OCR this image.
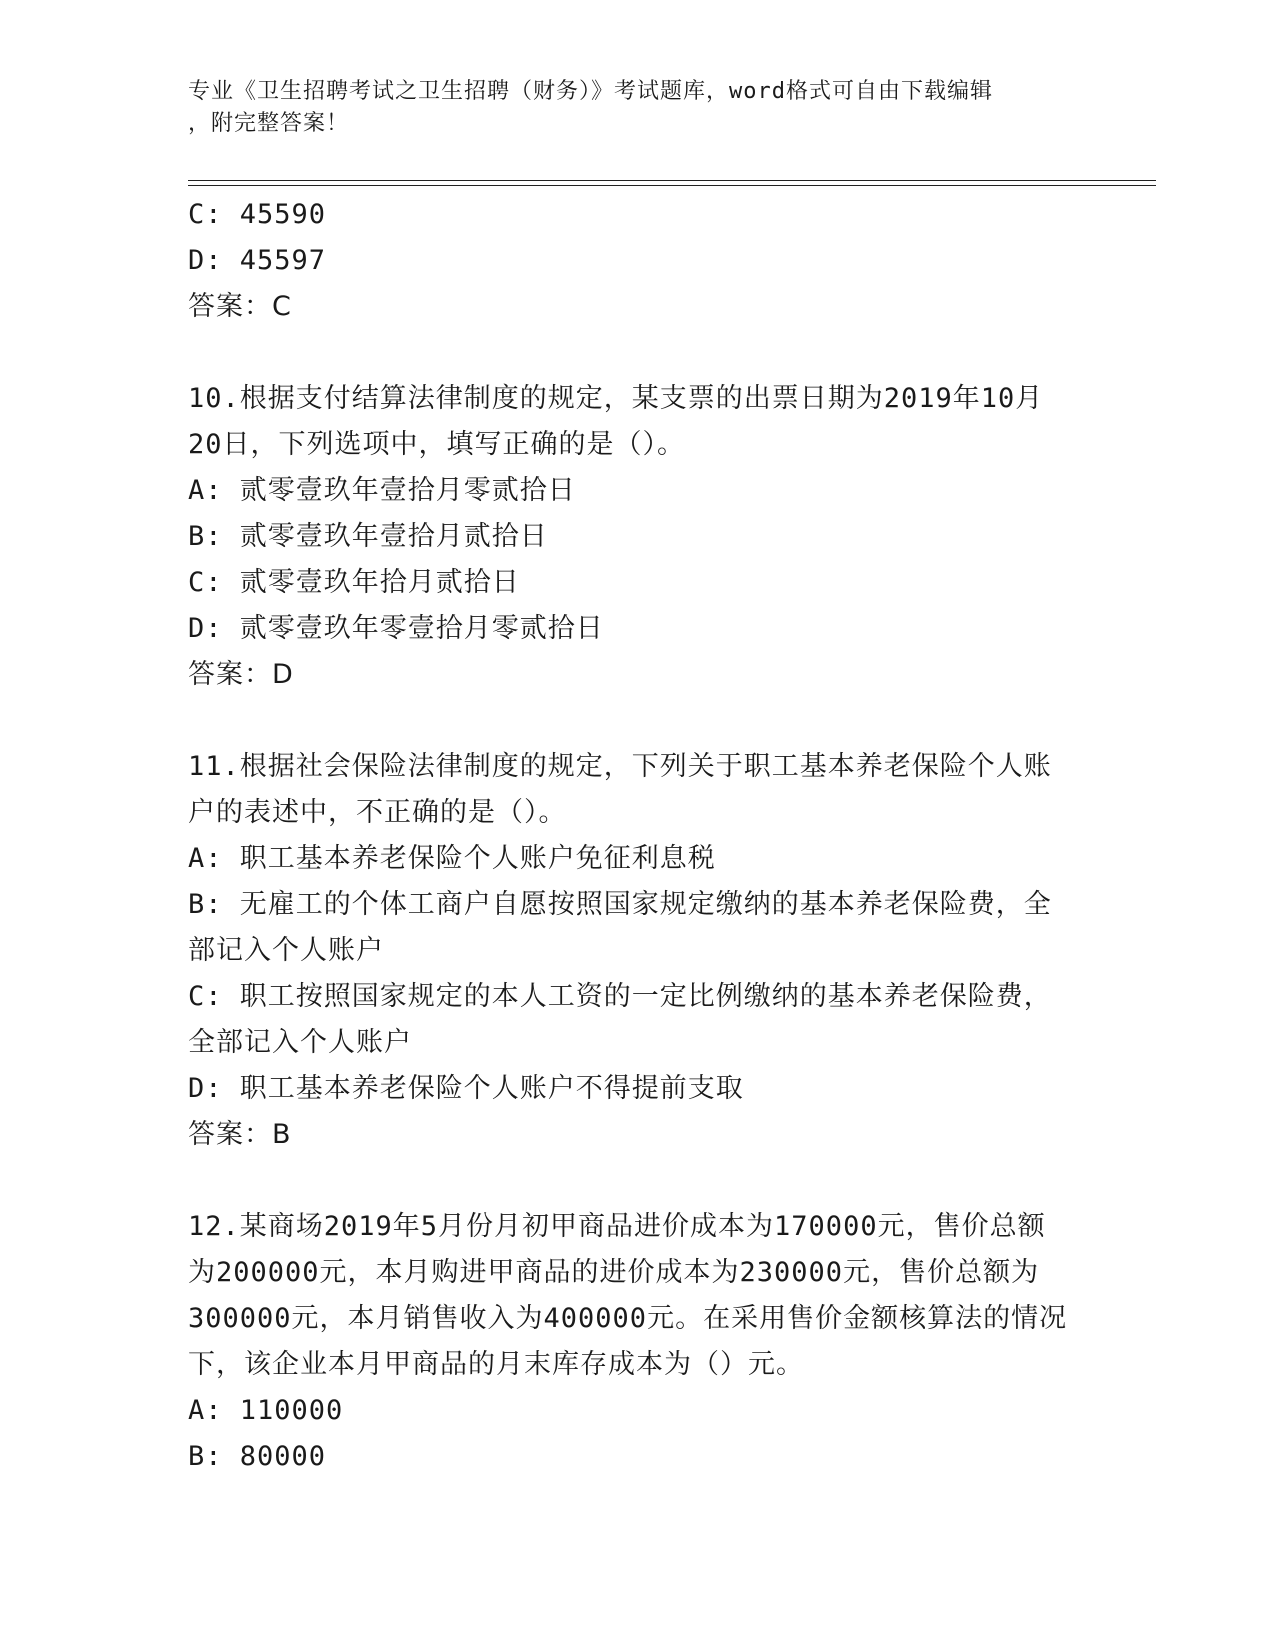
专业《卫生招聘考试之卫生招聘（财务）》考试题库，word格式可自由下载编辑
，附完整答案！

C: 45590

D: 45597

答案：C

10.根据支付结算法律制度的规定，某支票的出票日期为2019年10月

20日，下列选项中，填写正确的是（）。

A: 贰零壹玖年壹拾月零贰拾日

B: 贰零壹玖年壹拾月贰拾日

C: 贰零壹玖年拾月贰拾日

D: 贰零壹玖年零壹拾月零贰拾日

答案：D

11.根据社会保险法律制度的规定，下列关于职工基本养老保险个人账

户的表述中，不正确的是（）。

A: 职工基本养老保险个人账户免征利息税

B: 无雇工的个体工商户自愿按照国家规定缴纳的基本养老保险费，全

部记入个人账户

C: 职工按照国家规定的本人工资的一定比例缴纳的基本养老保险费，

全部记入个人账户

D: 职工基本养老保险个人账户不得提前支取

答案：B

12.某商场2019年5月份月初甲商品进价成本为170000元，售价总额

为200000元，本月购进甲商品的进价成本为230000元，售价总额为

300000元，本月销售收入为400000元。在采用售价金额核算法的情况

下，该企业本月甲商品的月末库存成本为（）元。

A: 110000

B: 80000
